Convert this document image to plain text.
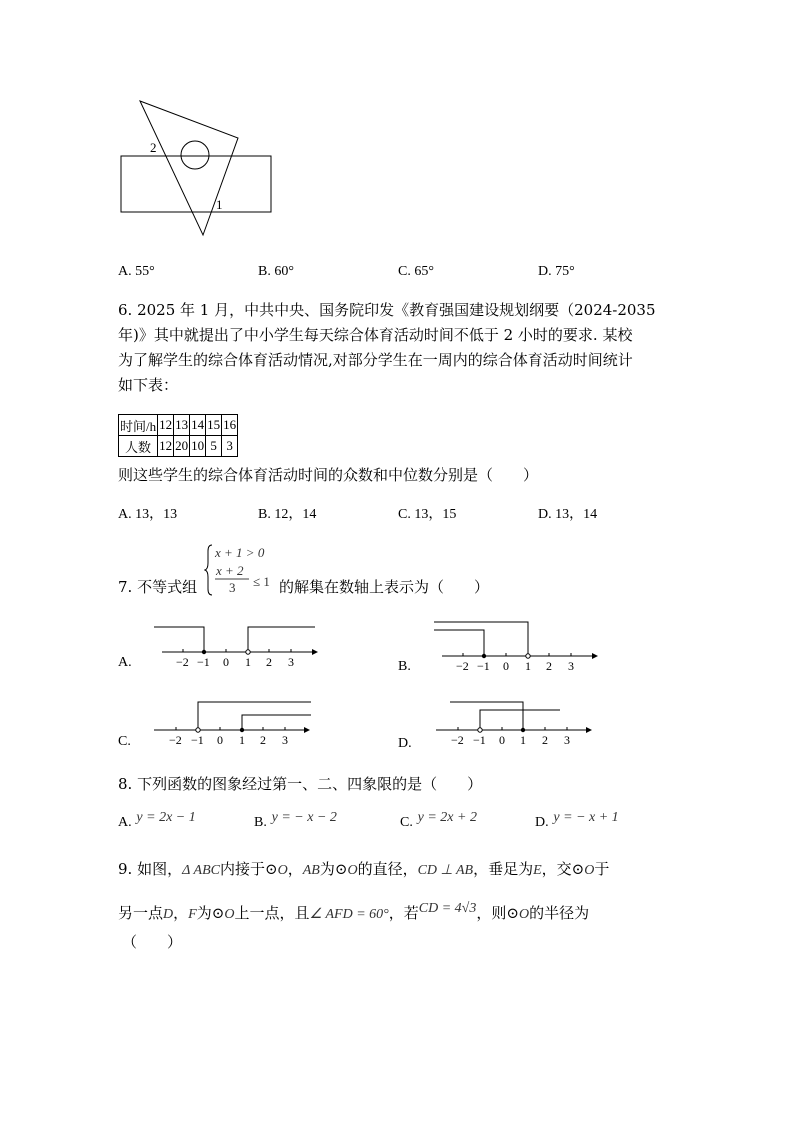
2
1
A. 55°	B. 60°	C. 65°	D. 75°
6. 2025 年 1 月，中共中央、国务院印发《教育强国建设规划纲要（2024-2035
年)》其中就提出了中小学生每天综合体育活动时间不低于 2 小时的要求. 某校
为了解学生的综合体育活动情况,对部分学生在一周内的综合体育活动时间统计
如下表：
时间/h	12	13	14	15	16
人数	12	20	10	5	3
则这些学生的综合体育活动时间的众数和中位数分别是（　　）
A. 13，13	B. 12，14	C. 13，15	D. 13，14
7. 不等式组
x + 1 > 0
x + 2
3 ≤ 1 的解集在数轴上表示为（　　）
A.	−2 −1 0 1 2 3	B.	−2 −1 0 1 2 3
C.	−2 −1 0 1 2 3	D.	−2 −1 0 1 2 3
8. 下列函数的图象经过第一、二、四象限的是（　　）
A. y = 2x − 1	B. y = − x − 2	C. y = 2x + 2	D. y = − x + 1
9. 如图，Δ ABC内接于⊙O，AB为⊙O的直径，CD ⊥ AB，垂足为E，交⊙O于
另一点D，F为⊙O上一点，且∠ AFD = 60°，若CD = 4√3，则⊙O的半径为
（　　）
